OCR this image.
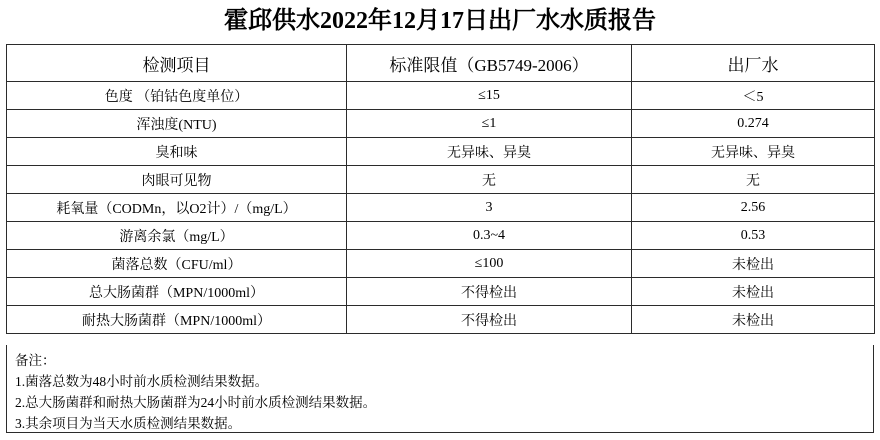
霍邱供水2022年12月17日出厂水水质报告
检测项目	标准限值（GB5749-2006）	出厂水
色度 （铂钴色度单位）	≤15	＜5
浑浊度(NTU)	≤1	0.274
臭和味	无异味、异臭	无异味、异臭
肉眼可见物	无	无
耗氧量（CODMn，以O2计）/（mg/L）	3	2.56
游离余氯（mg/L）	0.3~4	0.53
菌落总数（CFU/ml）	≤100	未检出
总大肠菌群（MPN/1000ml）	不得检出	未检出
耐热大肠菌群（MPN/1000ml）	不得检出	未检出
备注：
1.菌落总数为48小时前水质检测结果数据。
2.总大肠菌群和耐热大肠菌群为24小时前水质检测结果数据。
3.其余项目为当天水质检测结果数据。
